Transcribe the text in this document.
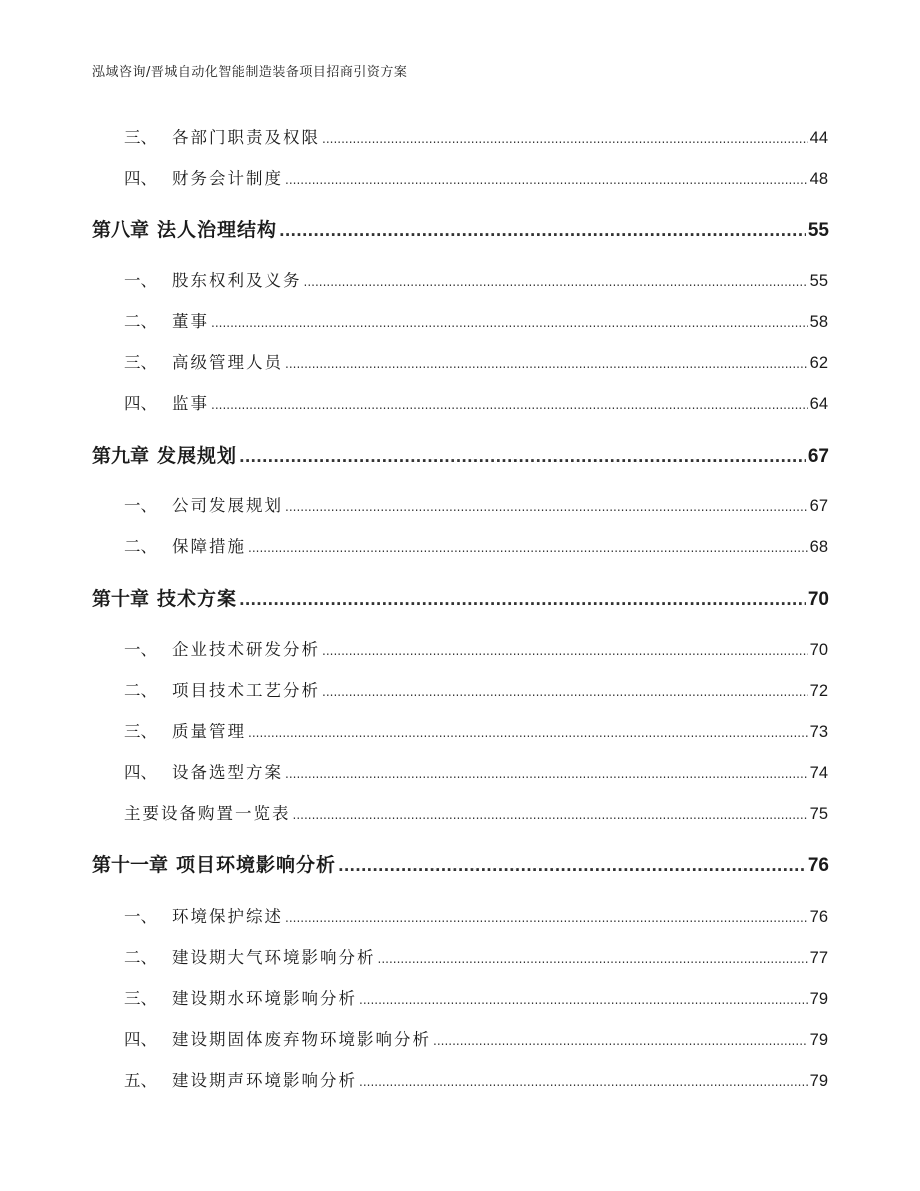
泓域咨询/晋城自动化智能制造装备项目招商引资方案
三、 各部门职责及权限 .....	44
四、 财务会计制度 .....	48
第八章 法人治理结构 .....	55
一、 股东权利及义务 .....	55
二、 董事 .....	58
三、 高级管理人员 .....	62
四、 监事 .....	64
第九章 发展规划 .....	67
一、 公司发展规划 .....	67
二、 保障措施 .....	68
第十章 技术方案 .....	70
一、 企业技术研发分析 .....	70
二、 项目技术工艺分析 .....	72
三、 质量管理 .....	73
四、 设备选型方案 .....	74
主要设备购置一览表 .....	75
第十一章 项目环境影响分析 .....	76
一、 环境保护综述 .....	76
二、 建设期大气环境影响分析 .....	77
三、 建设期水环境影响分析 .....	79
四、 建设期固体废弃物环境影响分析 .....	79
五、 建设期声环境影响分析 .....	79
